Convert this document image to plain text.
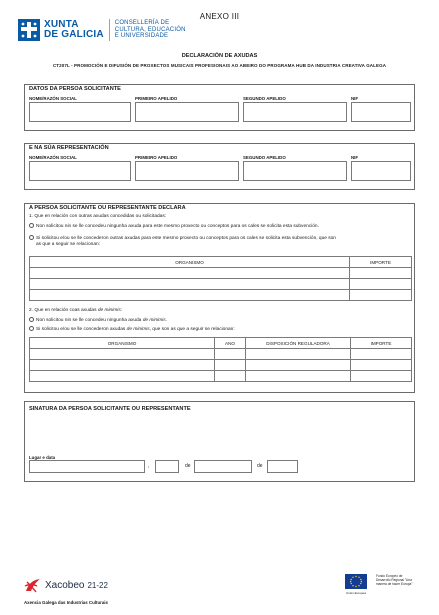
ANEXO III
XUNTA
DE GALICIA
CONSELLERÍA DE
CULTURA, EDUCACIÓN
E UNIVERSIDADE
DECLARACIÓN DE AXUDAS
CT207L - PROMOCIÓN E DIFUSIÓN DE PROXECTOS MUSICAIS PROFESIONAIS AO ABEIRO DO PROGRAMA HUB DA INDUSTRIA CREATIVA GALEGA
DATOS DA PERSOA SOLICITANTE
NOME/RAZÓN SOCIAL	PRIMEIRO APELIDO	SEGUNDO APELIDO	NIF
E NA SÚA REPRESENTACIÓN
NOME/RAZÓN SOCIAL	PRIMEIRO APELIDO	SEGUNDO APELIDO	NIF
A PERSOA SOLICITANTE OU REPRESENTANTE DECLARA
1. Que en relación con outras axudas concedidas ou solicitadas:
Non solicitou nin se lle concedeu ningunha axuda para este mesmo proxecto ou conceptos para os cales se solicita esta subvención.
Si solicitou e/ou se lle concederon outras axudas para este mesmo proxecto ou conceptos para os cales se solicita esta subvención, que son
as que a seguir se relacionan:
ORGANISMO	IMPORTE

2. Que en relación coas axudas de minimis:
Non solicitou nin se lle concedeu ningunha axuda de minimis.
Si solicitou e/ou se lle concederon axudas de minimis, que son as que a seguir se relacionan:
ORGANISMO	ANO	DISPOSICIÓN REGULADORA	IMPORTE

SINATURA DA PERSOA SOLICITANTE OU REPRESENTANTE
Lugar e data
,	de	de
Xacobeo 21-22
Axencia Galega das Industrias Culturais
Unión Europea
Fondo Europeo de Desarrollo Regional "Una manera de hacer Europa"
